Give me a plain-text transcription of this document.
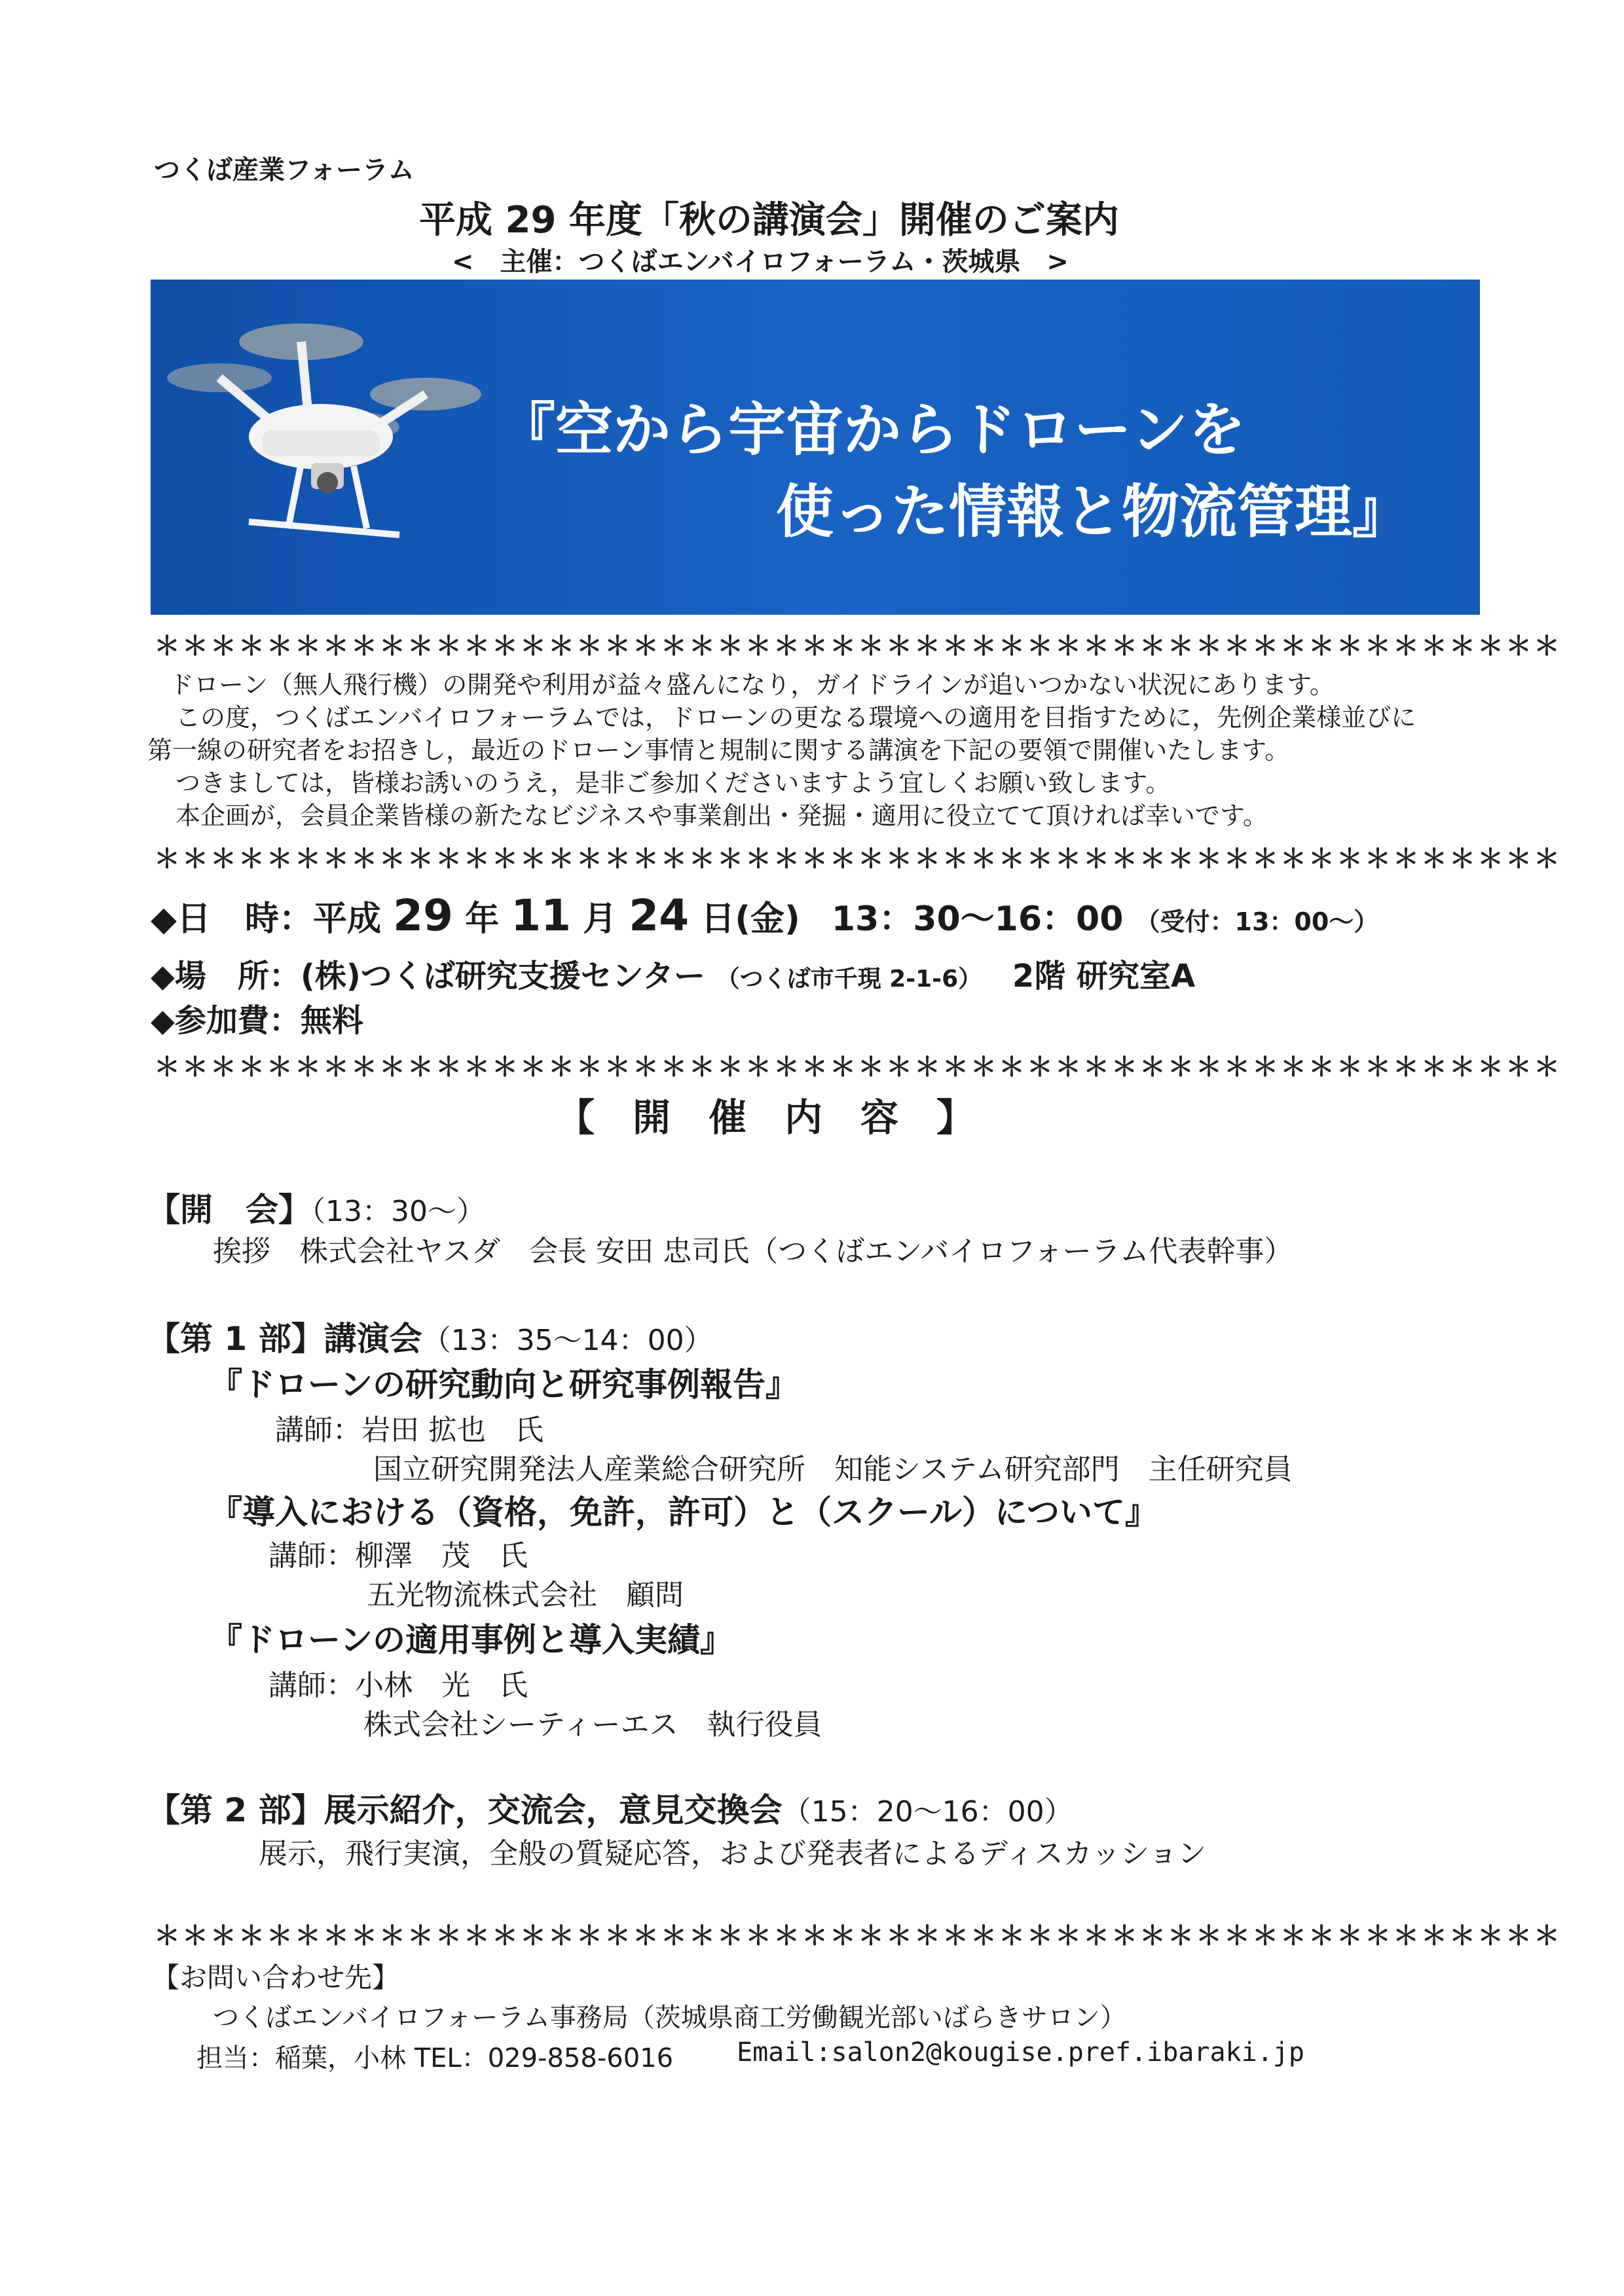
つくば産業フォーラム
平成 29 年度「秋の講演会」開催のご案内
<　主催：つくばエンバイロフォーラム・茨城県　>
『空から宇宙からドローンを
使った情報と物流管理』
＊＊＊＊＊＊＊＊＊＊＊＊＊＊＊＊＊＊＊＊＊＊＊＊＊＊＊＊＊＊＊＊＊＊＊＊＊＊＊＊＊＊＊＊＊＊＊＊＊＊
ドローン（無人飛行機）の開発や利用が益々盛んになり，ガイドラインが追いつかない状況にあります。
この度，つくばエンバイロフォーラムでは，ドローンの更なる環境への適用を目指すために，先例企業様並びに
第一線の研究者をお招きし，最近のドローン事情と規制に関する講演を下記の要領で開催いたします。
つきましては，皆様お誘いのうえ，是非ご参加くださいますよう宜しくお願い致します。
本企画が，会員企業皆様の新たなビジネスや事業創出・発掘・適用に役立てて頂ければ幸いです。
＊＊＊＊＊＊＊＊＊＊＊＊＊＊＊＊＊＊＊＊＊＊＊＊＊＊＊＊＊＊＊＊＊＊＊＊＊＊＊＊＊＊＊＊＊＊＊＊＊＊
◆日　時：平成 29 年 11 月 24 日(金) 13：30〜16：00 （受付：13：00〜）
◆場　所：(株)つくば研究支援センター （つくば市千現 2-1-6） 2階 研究室A
◆参加費：無料
＊＊＊＊＊＊＊＊＊＊＊＊＊＊＊＊＊＊＊＊＊＊＊＊＊＊＊＊＊＊＊＊＊＊＊＊＊＊＊＊＊＊＊＊＊＊＊＊＊＊
【　開　催　内　容　】
【開　会】（13：30〜）
挨拶　株式会社ヤスダ　会長 安田 忠司氏（つくばエンバイロフォーラム代表幹事）
【第 1 部】講演会（13：35〜14：00）
『ドローンの研究動向と研究事例報告』
講師：岩田 拡也　氏
国立研究開発法人産業総合研究所　知能システム研究部門　主任研究員
『導入における（資格，免許，許可）と（スクール）について』
講師：柳澤　茂　氏
五光物流株式会社　顧問
『ドローンの適用事例と導入実績』
講師：小林　光　氏
株式会社シーティーエス　執行役員
【第 2 部】展示紹介，交流会，意見交換会（15：20〜16：00）
展示，飛行実演，全般の質疑応答，および発表者によるディスカッション
＊＊＊＊＊＊＊＊＊＊＊＊＊＊＊＊＊＊＊＊＊＊＊＊＊＊＊＊＊＊＊＊＊＊＊＊＊＊＊＊＊＊＊＊＊＊＊＊＊＊
【お問い合わせ先】
つくばエンバイロフォーラム事務局（茨城県商工労働観光部いばらきサロン）
担当：稲葉，小林 TEL：029-858-6016 Email:salon2@kougise.pref.ibaraki.jp
